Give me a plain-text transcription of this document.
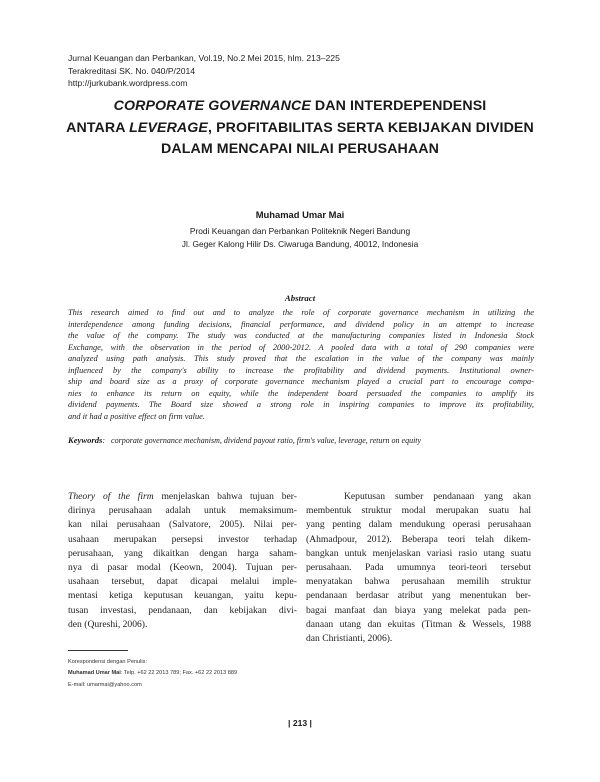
Jurnal Keuangan dan Perbankan, Vol.19, No.2 Mei 2015, hlm. 213–225
Terakreditasi SK. No. 040/P/2014
http://jurkubank.wordpress.com
CORPORATE GOVERNANCE DAN INTERDEPENDENSI
ANTARA LEVERAGE, PROFITABILITAS SERTA KEBIJAKAN DIVIDEN
DALAM MENCAPAI NILAI PERUSAHAAN
Muhamad Umar Mai
Prodi Keuangan dan Perbankan Politeknik Negeri Bandung
Jl. Geger Kalong Hilir Ds. Ciwaruga Bandung, 40012, Indonesia
Abstract
This research aimed to find out and to analyze the role of corporate governance mechanism in utilizing the
interdependence among funding decisions, financial performance, and dividend policy in an attempt to increase
the value of the company. The study was conducted at the manufacturing companies listed in Indonesia Stock
Exchange, with the observation in the period of 2000-2012. A pooled data with a total of 290 companies were
analyzed using path analysis. This study proved that the escalation in the value of the company was mainly
influenced by the company's ability to increase the profitability and dividend payments. Institutional owner-
ship and board size as a proxy of corporate governance mechanism played a crucial part to encourage compa-
nies to enhance its return on equity, while the independent board persuaded the companies to amplify its
dividend payments. The Board size showed a strong role in inspiring companies to improve its profitability,
and it had a positive effect on firm value.
Keywords: corporate governance mechanism, dividend payout ratio, firm's value, leverage, return on equity
Theory of the firm menjelaskan bahwa tujuan ber-
dirinya perusahaan adalah untuk memaksimum-
kan nilai perusahaan (Salvatore, 2005). Nilai per-
usahaan merupakan persepsi investor terhadap
perusahaan, yang dikaitkan dengan harga saham-
nya di pasar modal (Keown, 2004). Tujuan per-
usahaan tersebut, dapat dicapai melalui imple-
mentasi ketiga keputusan keuangan, yaitu kepu-
tusan investasi, pendanaan, dan kebijakan divi-
den (Qureshi, 2006).
Keputusan sumber pendanaan yang akan
membentuk struktur modal merupakan suatu hal
yang penting dalam mendukung operasi perusahaan
(Ahmadpour, 2012). Beberapa teori telah dikem-
bangkan untuk menjelaskan variasi rasio utang suatu
perusahaan. Pada umumnya teori-teori tersebut
menyatakan bahwa perusahaan memilih struktur
pendanaan berdasar atribut yang menentukan ber-
bagai manfaat dan biaya yang melekat pada pen-
danaan utang dan ekuitas (Titman & Wessels, 1988
dan Christianti, 2006).
Korespondensi dengan Penulis:
Muhamad Umar Mai: Telp. +62 22 2013 789; Fax. +62 22 2013 889
E-mail: umarmai@yahoo.com
| 213 |
